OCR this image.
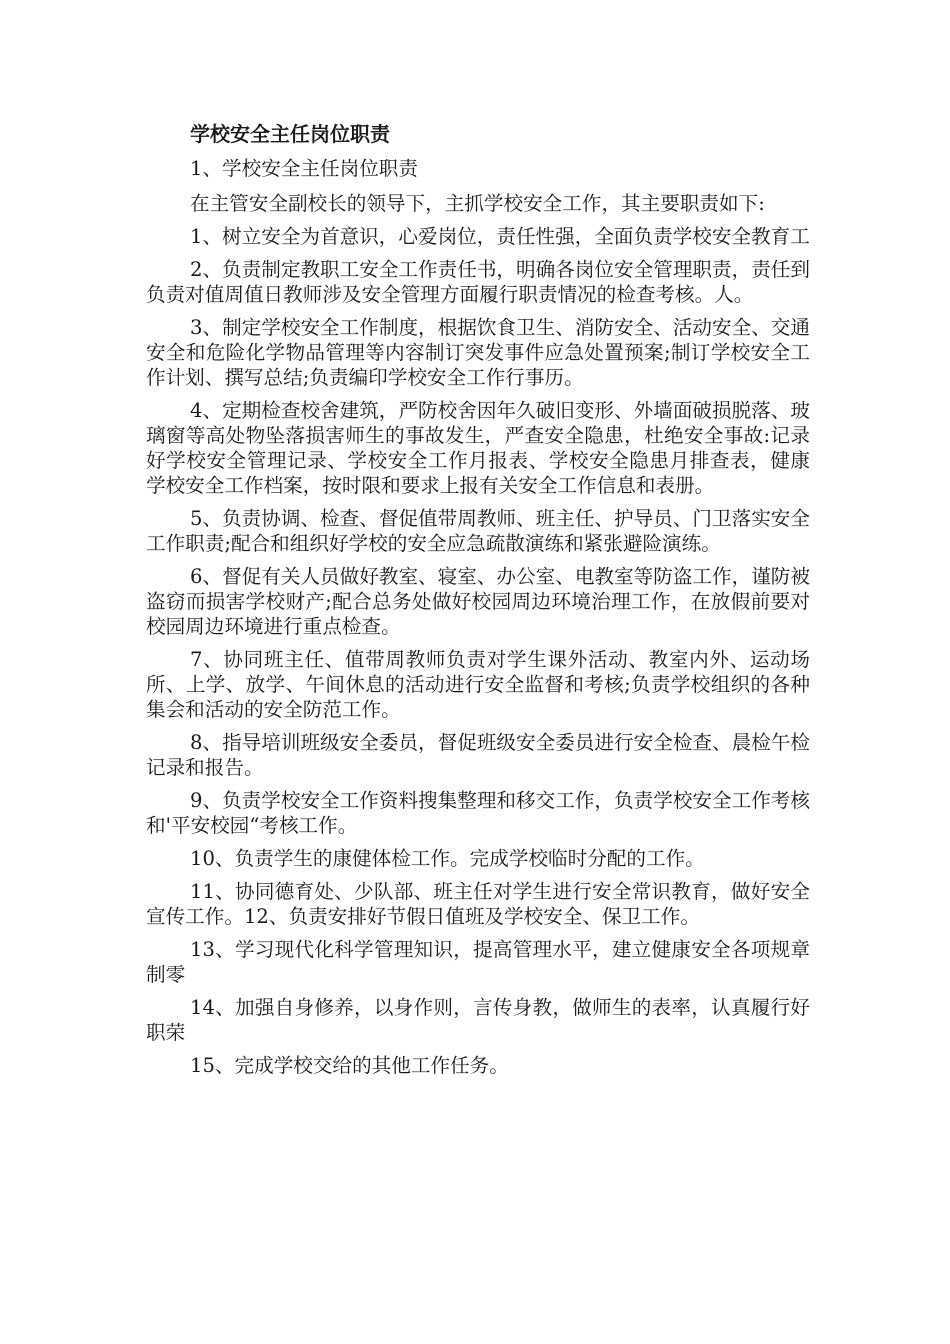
学校安全主任岗位职责

1、学校安全主任岗位职责

在主管安全副校长的领导下，主抓学校安全工作，其主要职责如下:

1、树立安全为首意识，心爱岗位，责任性强，全面负责学校安全教育工

2、负责制定教职工安全工作责任书，明确各岗位安全管理职责，责任到负责对值周值日教师涉及安全管理方面履行职责情况的检查考核。人。

3、制定学校安全工作制度，根据饮食卫生、消防安全、活动安全、交通安全和危险化学物品管理等内容制订突发事件应急处置预案;制订学校安全工作计划、撰写总结;负责编印学校安全工作行事历。

4、定期检查校舍建筑，严防校舍因年久破旧变形、外墙面破损脱落、玻璃窗等高处物坠落损害师生的事故发生，严查安全隐患，杜绝安全事故:记录好学校安全管理记录、学校安全工作月报表、学校安全隐患月排查表，健康学校安全工作档案，按时限和要求上报有关安全工作信息和表册。

5、负责协调、检查、督促值带周教师、班主任、护导员、门卫落实安全工作职责;配合和组织好学校的安全应急疏散演练和紧张避险演练。

6、督促有关人员做好教室、寝室、办公室、电教室等防盗工作，谨防被盗窃而损害学校财产;配合总务处做好校园周边环境治理工作，在放假前要对校园周边环境进行重点检查。

7、协同班主任、值带周教师负责对学生课外活动、教室内外、运动场所、上学、放学、午间休息的活动进行安全监督和考核;负责学校组织的各种集会和活动的安全防范工作。

8、指导培训班级安全委员，督促班级安全委员进行安全检查、晨检午检记录和报告。

9、负责学校安全工作资料搜集整理和移交工作，负责学校安全工作考核和'平安校园“考核工作。

10、负责学生的康健体检工作。完成学校临时分配的工作。

11、协同德育处、少队部、班主任对学生进行安全常识教育，做好安全宣传工作。12、负责安排好节假日值班及学校安全、保卫工作。

13、学习现代化科学管理知识，提高管理水平，建立健康安全各项规章制零

14、加强自身修养，以身作则，言传身教，做师生的表率，认真履行好职荣

15、完成学校交给的其他工作任务。
